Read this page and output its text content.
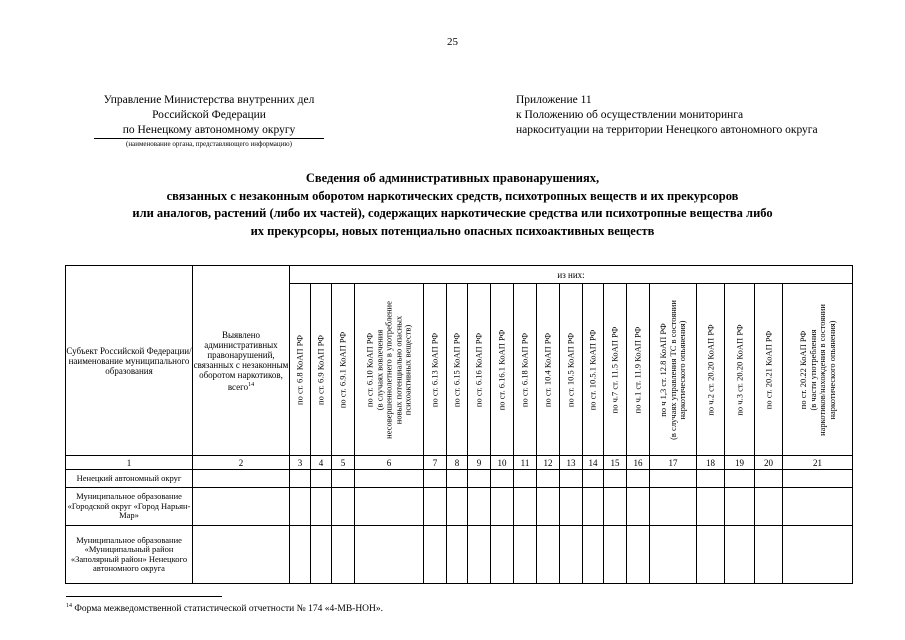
25
Управление Министерства внутренних дел
Российской Федерации
по Ненецкому автономному округу
(наименование органа, представляющего информацию)
Приложение 11
к Положению об осуществлении мониторинга
наркоситуации на территории Ненецкого автономного округа
Сведения об административных правонарушениях,
связанных с незаконным оборотом наркотических средств, психотропных веществ и их прекурсоров
или аналогов, растений (либо их частей), содержащих наркотические средства или психотропные вещества либо
их прекурсоры, новых потенциально опасных психоактивных веществ
Субъект Российской Федерации/наименование муниципального образования	Выявлено административных правонарушений, связанных с незаконным оборотом наркотиков, всего$^{14}$	из них:																		

		по ст. 6.8 КоАП РФ	по ст. 6.9 КоАП РФ	по ст. 6.9.1 КоАП РФ	по ст. 6.10 КоАП РФ
(в случаях вовлечения
несовершеннолетнего в употребление
новых потенциально опасных
психоактивных веществ)	по ст. 6.13 КоАП РФ	по ст. 6.15 КоАП РФ	по ст. 6.16 КоАП РФ	по ст. 6.16.1 КоАП РФ	по ст. 6.18 КоАП РФ	по ст. 10.4 КоАП РФ	по ст. 10.5 КоАП РФ	по ст. 10.5.1 КоАП РФ	по ч.7 ст. 11.5 КоАП РФ	по ч.1 ст. 11.9 КоАП РФ	по ч 1,3 ст. 12.8 КоАП РФ
(в случаях управления ТС в состоянии
наркотического опьянения)	по ч.2 ст. 20.20 КоАП РФ	по ч.3 ст. 20.20 КоАП РФ	по ст. 20.21 КоАП РФ	по ст. 20.22 КоАП РФ
(в части употребления
наркотиков/нахождения в состоянии
наркотического опьянения)

1	2	3	4	5	6	7	8	9	10	11	12	13	14	15	16	17	18	19	20	21
Ненецкий автономный округ																				
Муниципальное образование «Городской округ «Город Нарьян-Мар»																				
Муниципальное образование «Муниципальный район «Заполярный район» Ненецкого автономного округа																				
$^{14}$ Форма межведомственной статистической отчетности № 174 «4-МВ-НОН».
